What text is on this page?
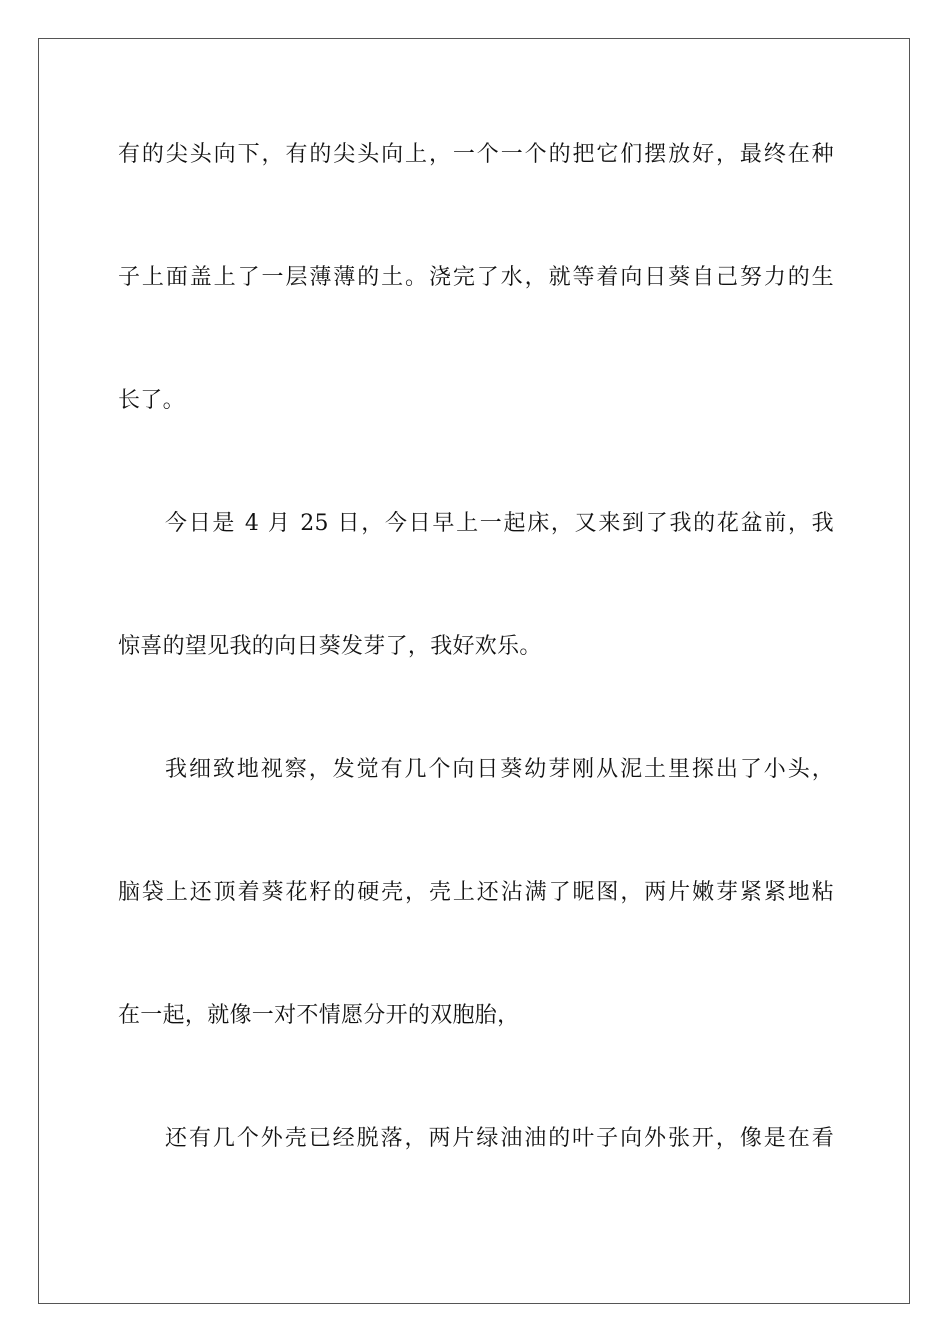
有的尖头向下，有的尖头向上，一个一个的把它们摆放好，最终在种
子上面盖上了一层薄薄的土。浇完了水，就等着向日葵自己努力的生
长了。
今日是 4 月 25 日，今日早上一起床，又来到了我的花盆前，我
惊喜的望见我的向日葵发芽了，我好欢乐。
我细致地视察，发觉有几个向日葵幼芽刚从泥土里探出了小头，
脑袋上还顶着葵花籽的硬壳，壳上还沾满了昵图，两片嫩芽紧紧地粘
在一起，就像一对不情愿分开的双胞胎，
还有几个外壳已经脱落，两片绿油油的叶子向外张开，像是在看
